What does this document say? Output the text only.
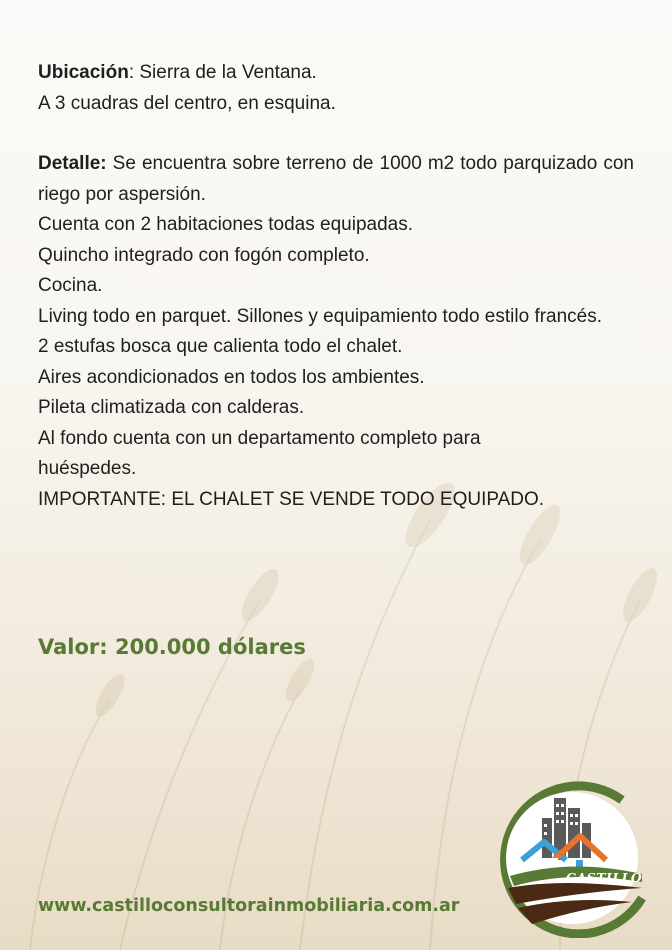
Ubicación: Sierra de la Ventana.

A 3 cuadras del centro, en esquina.

Detalle: Se encuentra sobre terreno de 1000 m2 todo parquizado con riego por aspersión.

Cuenta con 2 habitaciones todas equipadas.

Quincho integrado con fogón completo.

Cocina.

Living todo en parquet. Sillones y equipamiento todo estilo francés.

2 estufas bosca que calienta todo el chalet.

Aires acondicionados en todos los ambientes.

Pileta climatizada con calderas.

Al fondo cuenta con un departamento completo para huéspedes.

IMPORTANTE: EL CHALET SE VENDE TODO EQUIPADO.

Valor: 200.000 dólares
www.castilloconsultorainmobiliaria.com.ar
CASTILLO
